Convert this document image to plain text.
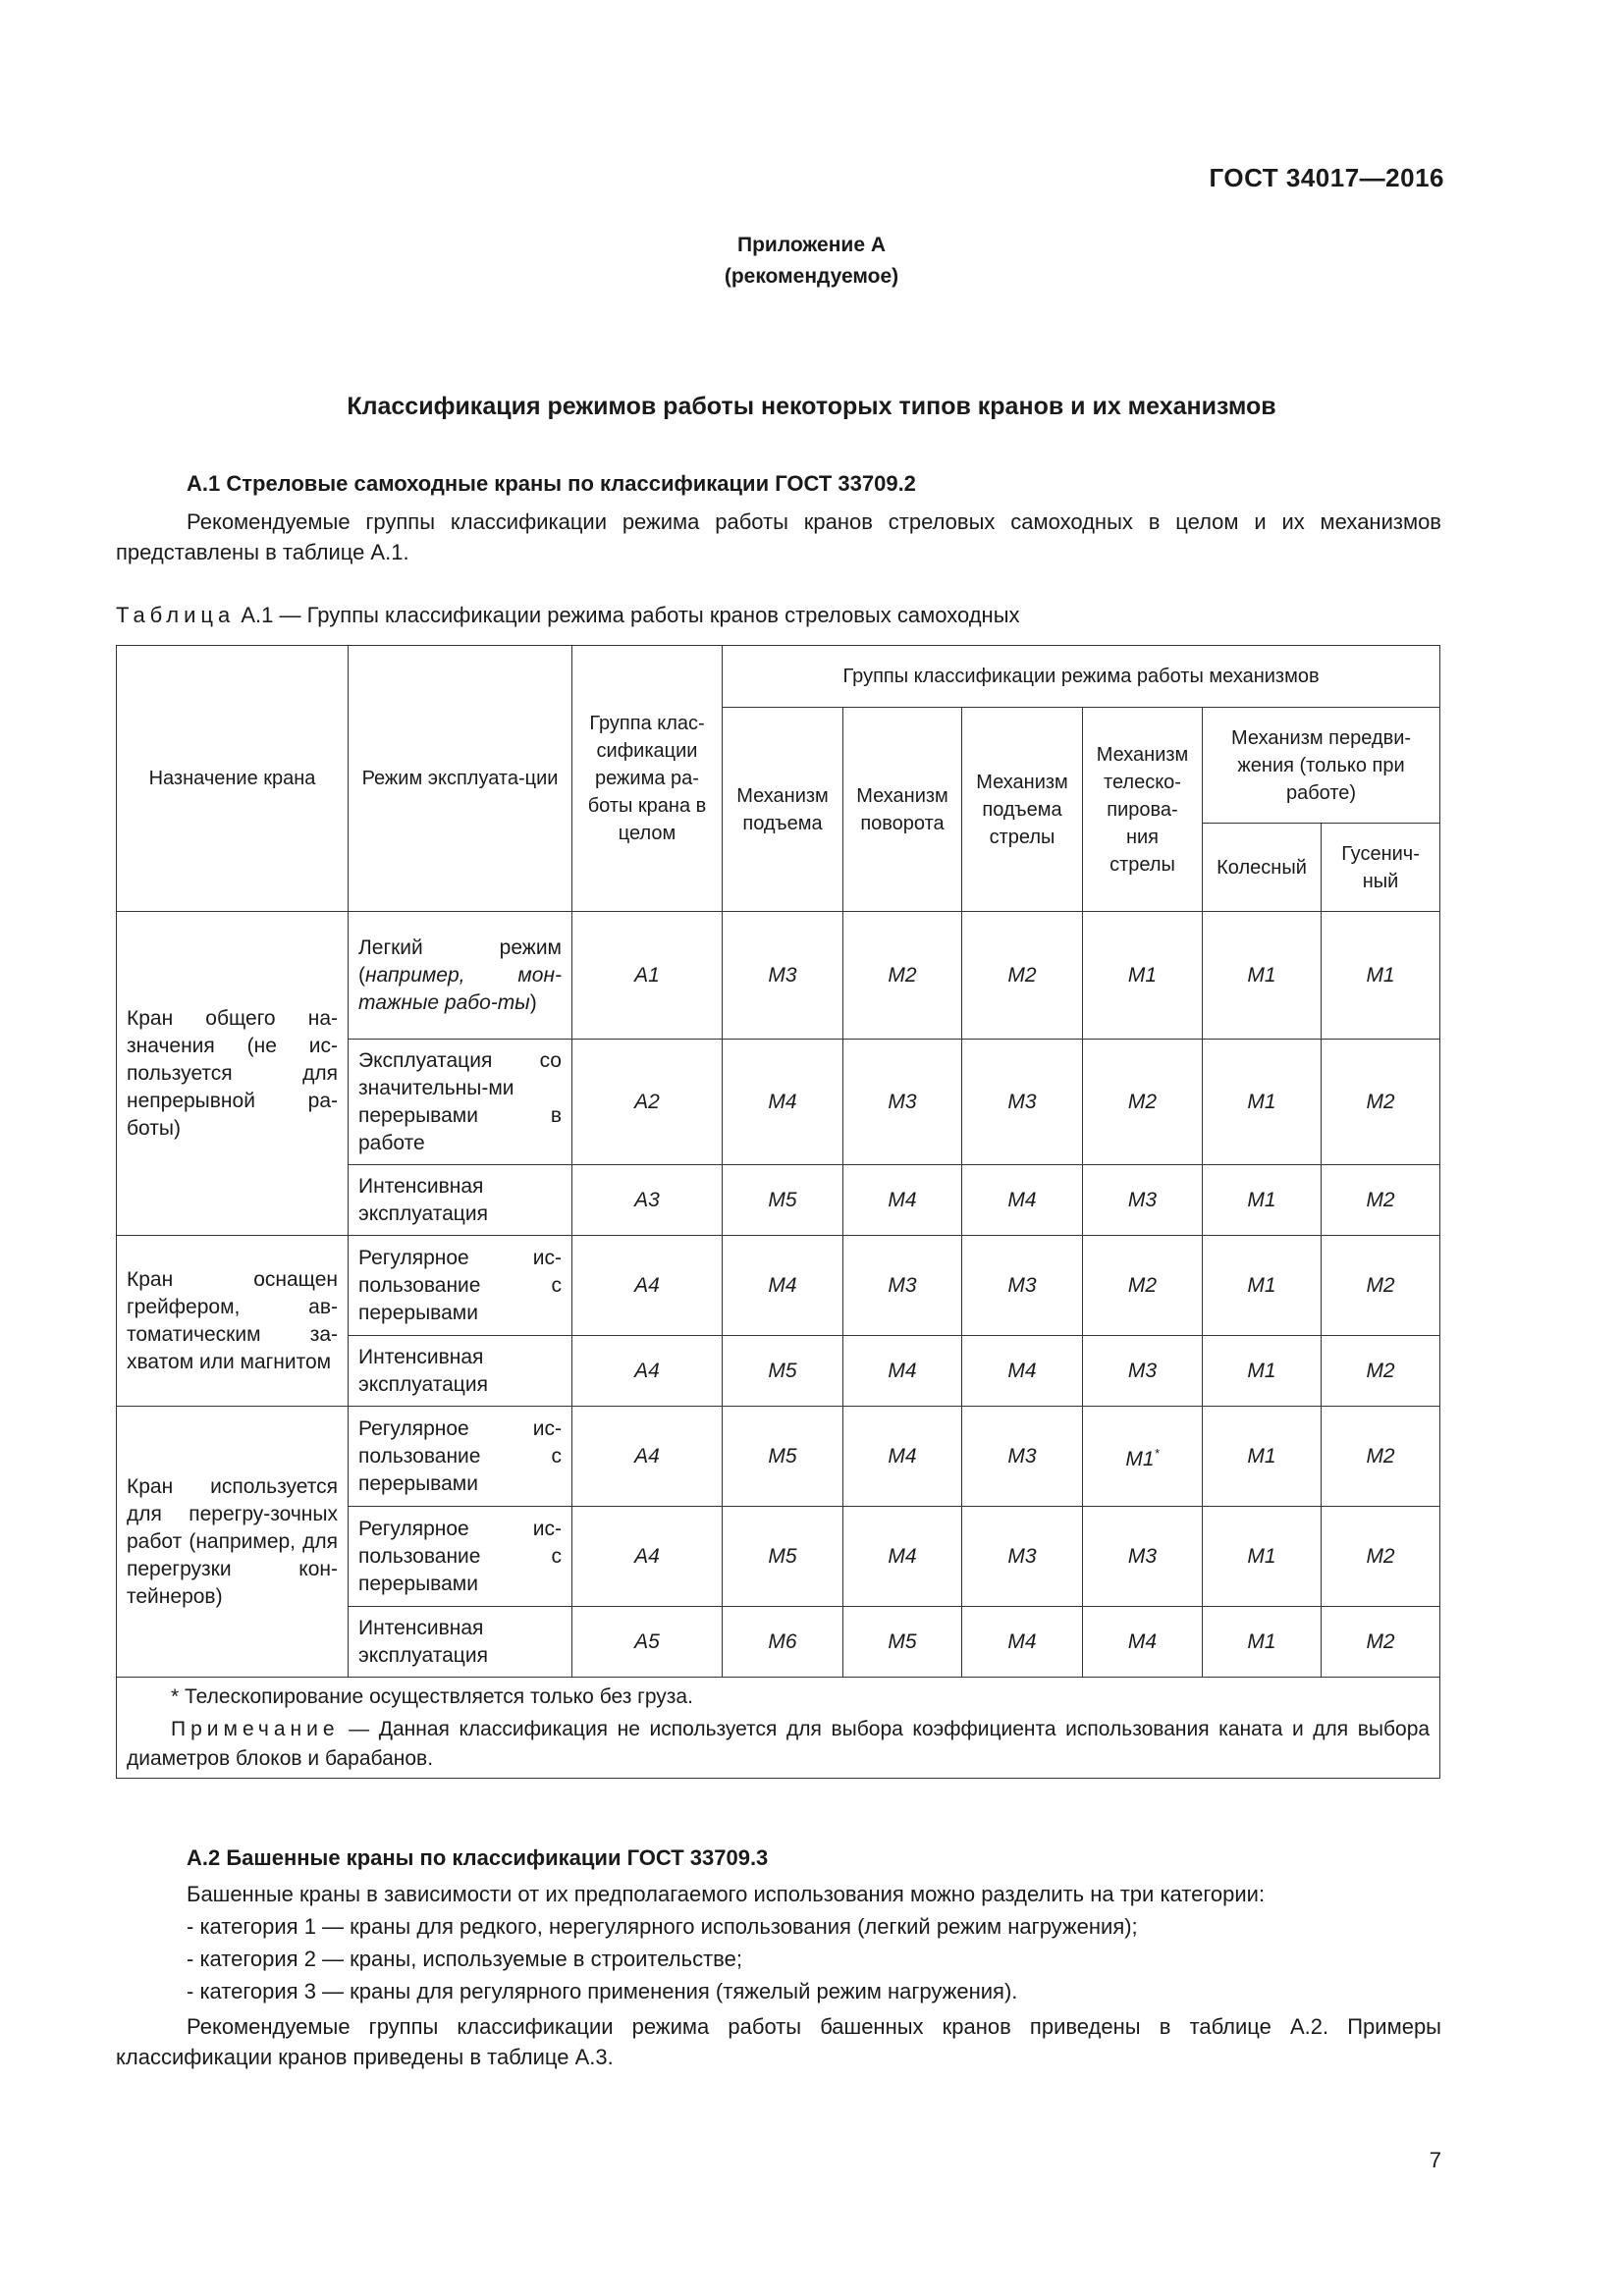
ГОСТ 34017—2016
Приложение А
(рекомендуемое)
Классификация режимов работы некоторых типов кранов и их механизмов
А.1 Стреловые самоходные краны по классификации ГОСТ 33709.2
Рекомендуемые группы классификации режима работы кранов стреловых самоходных в целом и их механизмов представлены в таблице А.1.
Таблица А.1 — Группы классификации режима работы кранов стреловых самоходных
Назначение крана	Режим эксплуата-ции	Группа клас-сификации режима ра-боты крана в целом	Группы классификации режима работы механизмов					
			Механизм подъема	Механизм поворота	Механизм подъема стрелы	Механизм телеско-пирова-ния стрелы	Механизм передви-жения (только при работе)	
							Колесный	Гусенич-ный
Кран общего на-значения (не ис-пользуется для непрерывной ра-боты)	Легкий режим (например, мон-тажные рабо-ты)	А1	М3	М2	М2	М1	М1	М1
	Эксплуатация со значительны-ми перерывами в работе	А2	М4	М3	М3	М2	М1	М2
	Интенсивная эксплуатация	А3	М5	М4	М4	М3	М1	М2
Кран оснащен грейфером, ав-томатическим за-хватом или магнитом	Регулярное ис-пользование с перерывами	А4	М4	М3	М3	М2	М1	М2
	Интенсивная эксплуатация	А4	М5	М4	М4	М3	М1	М2
Кран используется для перегру-зочных работ (например, для перегрузки кон-тейнеров)	Регулярное ис-пользование с перерывами	А4	М5	М4	М3	М1*	М1	М2
	Регулярное ис-пользование с перерывами	А4	М5	М4	М3	М3	М1	М2
	Интенсивная эксплуатация	А5	М6	М5	М4	М4	М1	М2

* Телескопирование осуществляется только без груза.
Примечание — Данная классификация не используется для выбора коэффициента использования каната и для выбора диаметров блоков и барабанов.								
А.2 Башенные краны по классификации ГОСТ 33709.3
Башенные краны в зависимости от их предполагаемого использования можно разделить на три категории:
- категория 1 — краны для редкого, нерегулярного использования (легкий режим нагружения);
- категория 2 — краны, используемые в строительстве;
- категория 3 — краны для регулярного применения (тяжелый режим нагружения).
Рекомендуемые группы классификации режима работы башенных кранов приведены в таблице А.2. Примеры классификации кранов приведены в таблице А.3.
7
